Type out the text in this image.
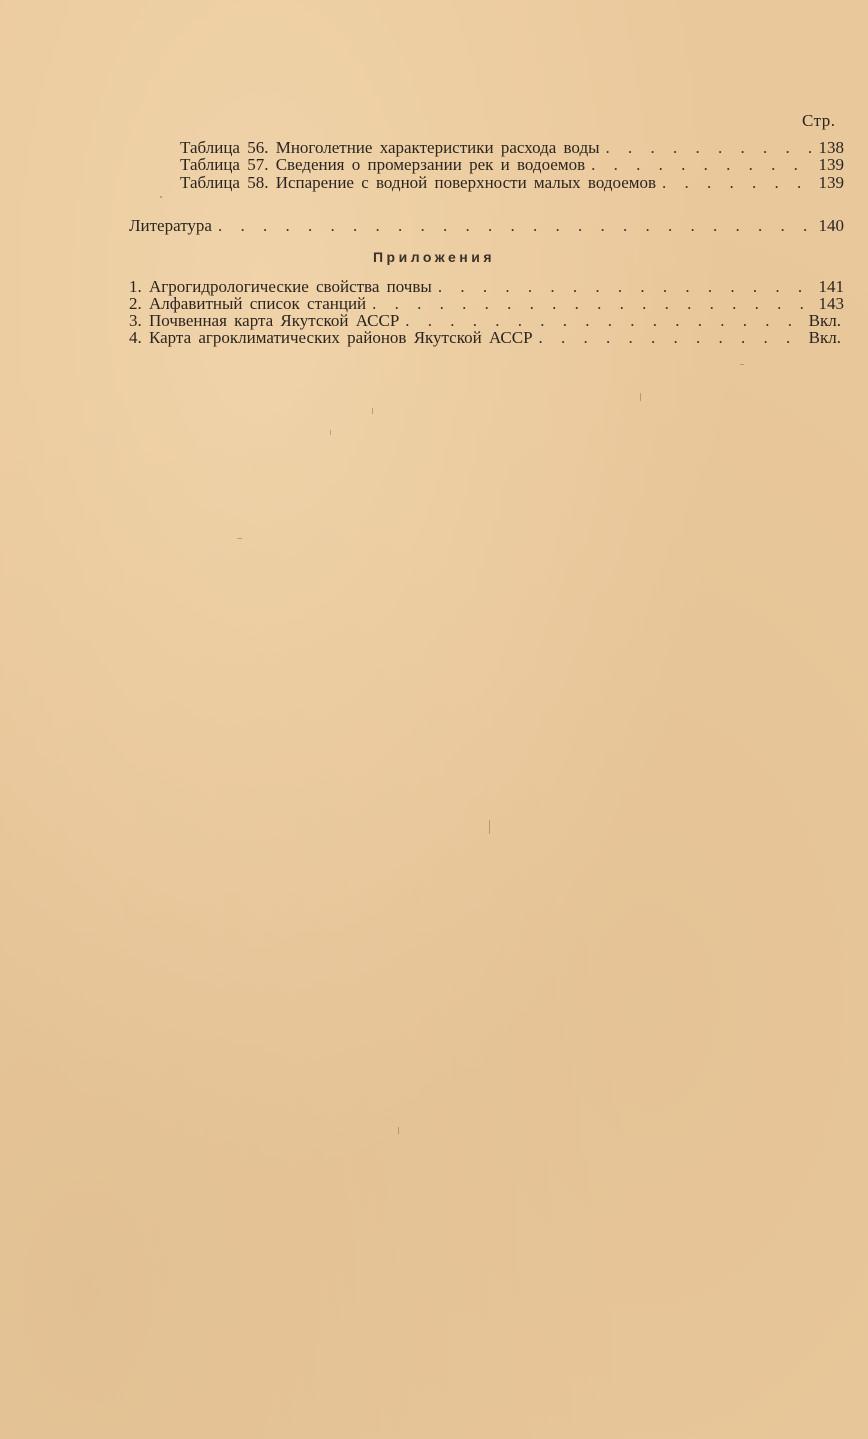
Стр.
Таблица 56. Многолетние характеристики расхода воды . . .	138
Таблица 57. Сведения о промерзании рек и водоемов . . .	139
Таблица 58. Испарение с водной поверхности малых водоемов . . .	139
Литература . . .	140
Приложения
1. Агрогидрологические свойства почвы . . .	141
2. Алфавитный список станций . . .	143
3. Почвенная карта Якутской АССР . . .	Вкл.
4. Карта агроклиматических районов Якутской АССР . . .	Вкл.
